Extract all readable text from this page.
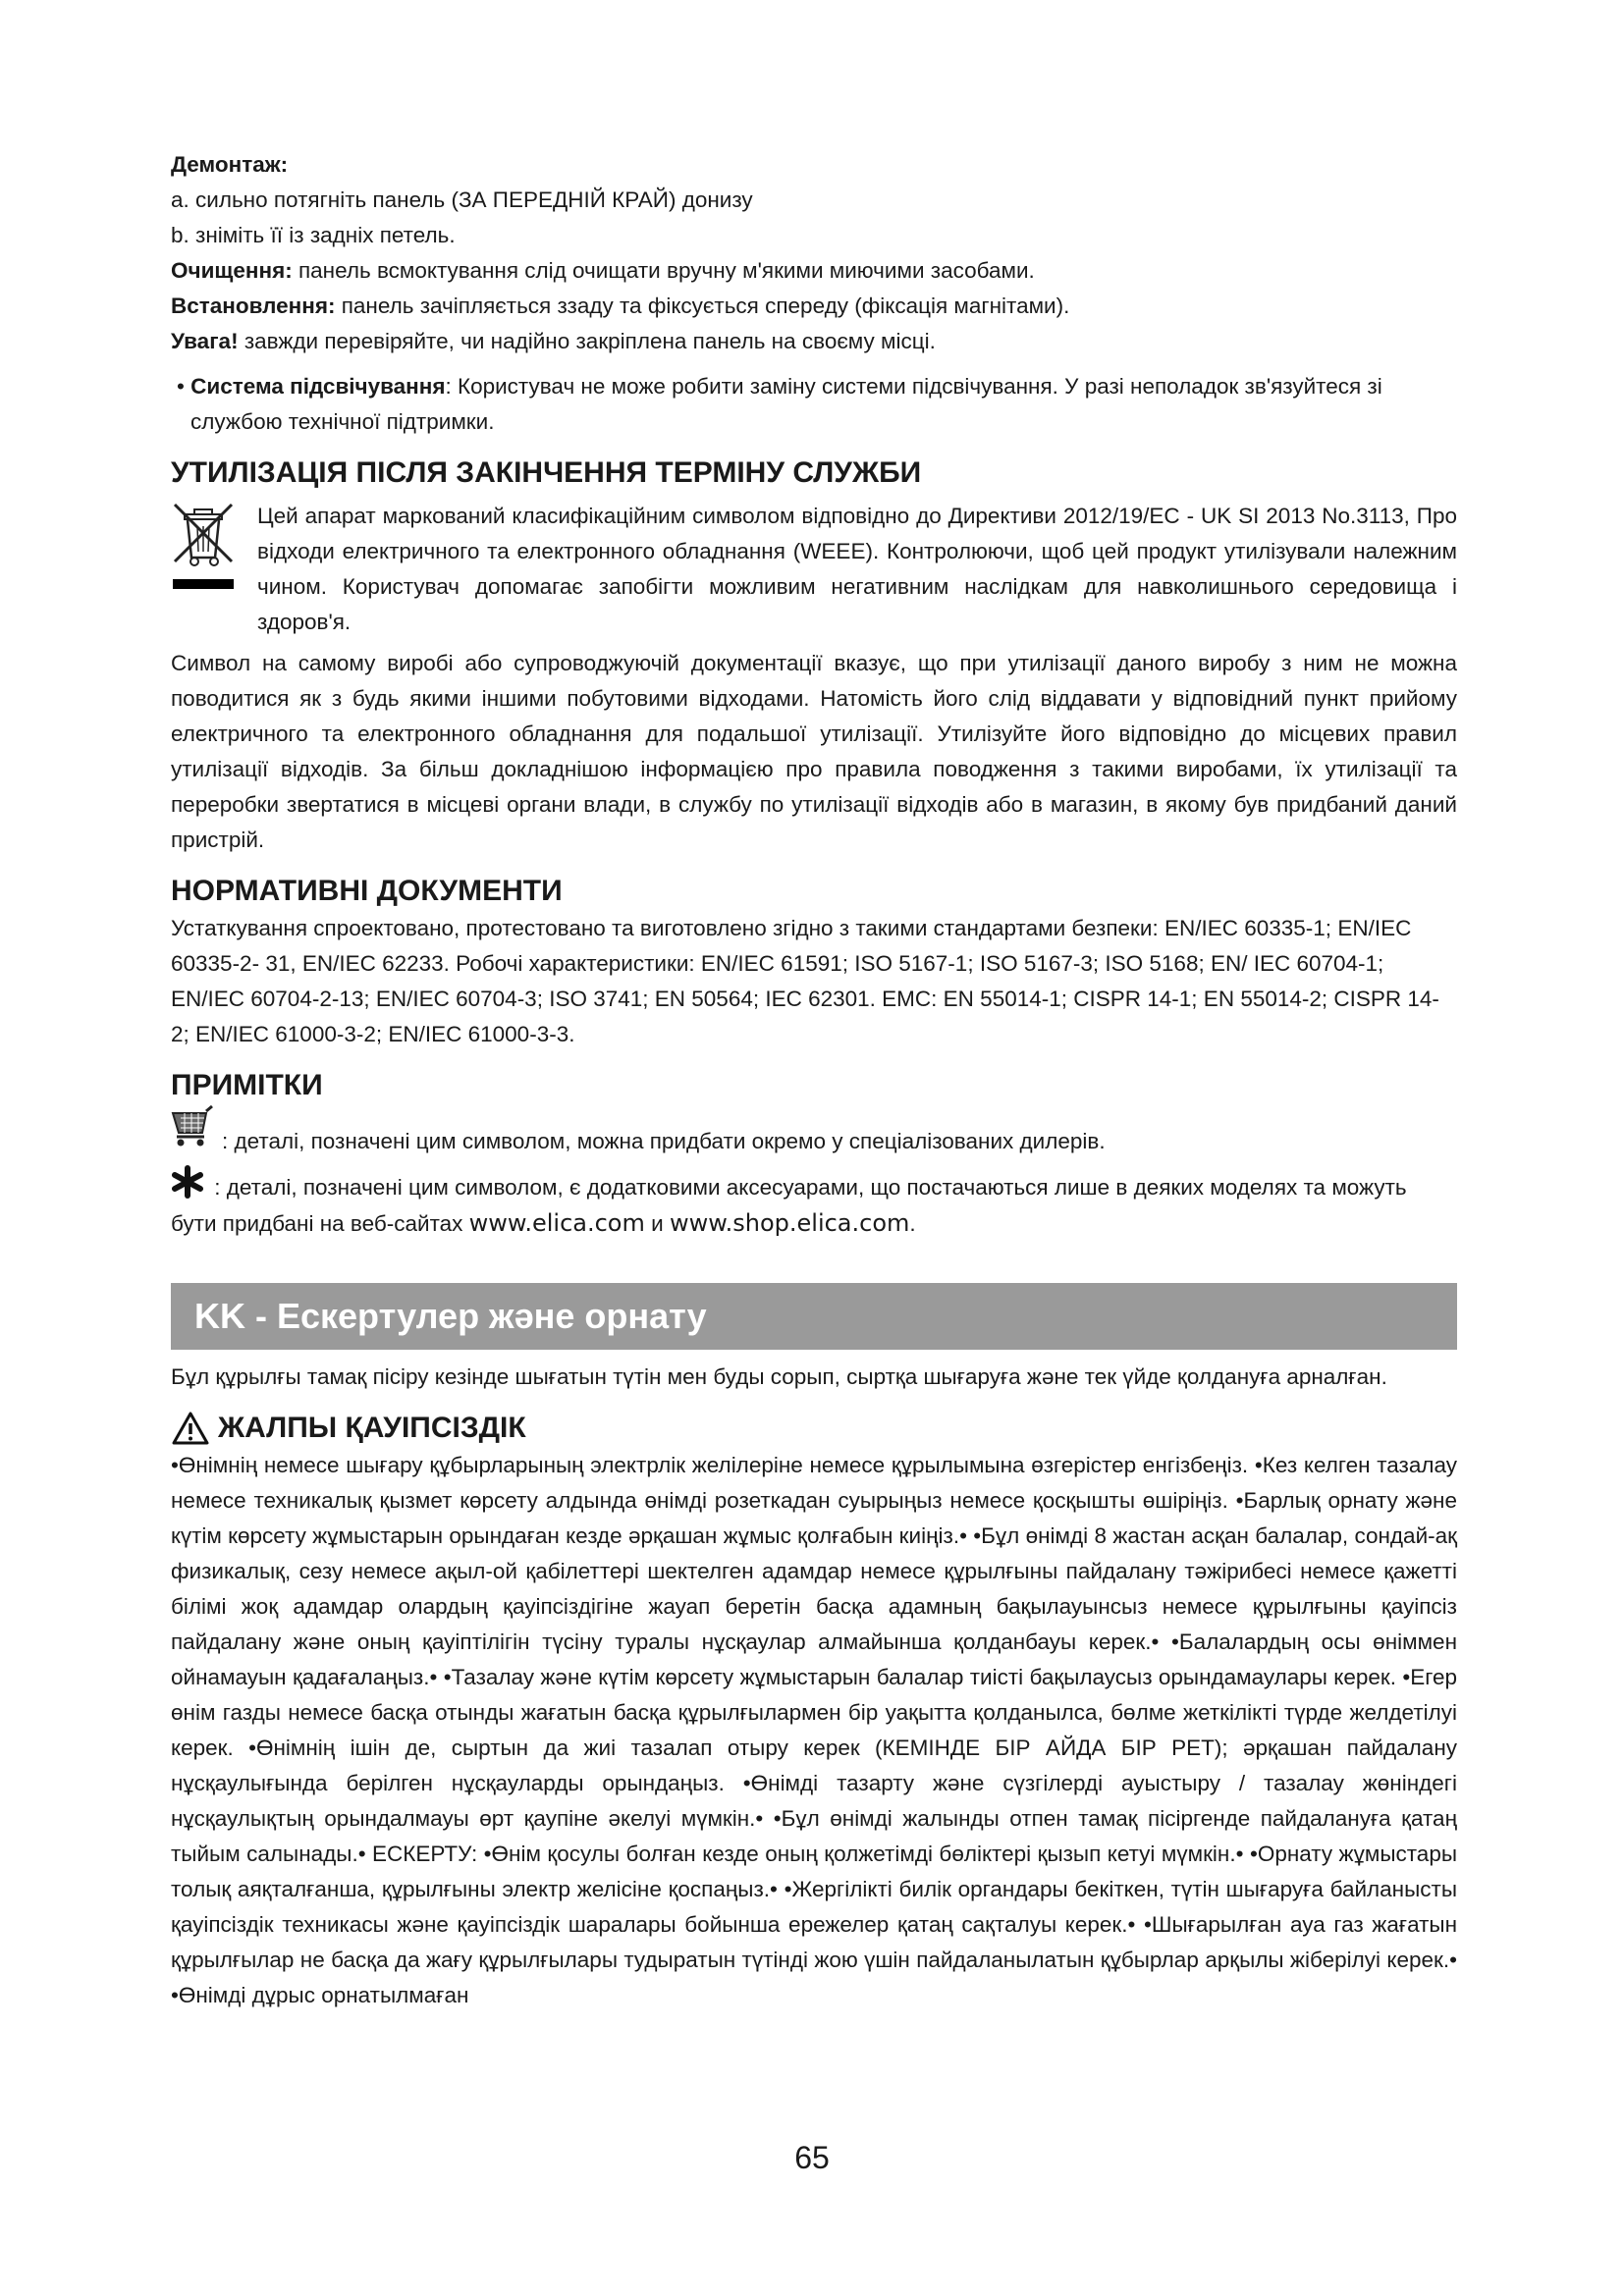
Демонтаж:

a. сильно потягніть панель (ЗА ПЕРЕДНІЙ КРАЙ) донизу

b. зніміть її із задніх петель.

Очищення: панель всмоктування слід очищати вручну м'якими миючими засобами.

Встановлення: панель зачіпляється ззаду та фіксується спереду (фіксація магнітами).

Увага! завжди перевіряйте, чи надійно закріплена панель на своєму місці.

• Система підсвічування: Користувач не може робити заміну системи підсвічування. У разі неполадок зв'язуйтеся зі службою технічної підтримки.

УТИЛІЗАЦІЯ ПІСЛЯ ЗАКІНЧЕННЯ ТЕРМІНУ СЛУЖБИ

Цей апарат маркований класифікаційним символом відповідно до Директиви 2012/19/EC - UK SI 2013 No.3113, Про відходи електричного та електронного обладнання (WEEE). Контролюючи, щоб цей продукт утилізували належним чином. Користувач допомагає запобігти можливим негативним наслідкам для навколишнього середовища і здоров'я.

Символ на самому виробі або супроводжуючій документації вказує, що при утилізації даного виробу з ним не можна поводитися як з будь якими іншими побутовими відходами. Натомість його слід віддавати у відповідний пункт прийому електричного та електронного обладнання для подальшої утилізації. Утилізуйте його відповідно до місцевих правил утилізації відходів. За більш докладнішою інформацією про правила поводження з такими виробами, їх утилізації та переробки звертатися в місцеві органи влади, в службу по утилізації відходів або в магазин, в якому був придбаний даний пристрій.

НОРМАТИВНІ ДОКУМЕНТИ

Устаткування спроектовано, протестовано та виготовлено згідно з такими стандартами безпеки: EN/IEC 60335-1; EN/IEC 60335-2- 31, EN/IEC 62233. Робочі характеристики: EN/IEC 61591; ISO 5167-1; ISO 5167-3; ISO 5168; EN/ IEC 60704-1; EN/IEC 60704-2-13; EN/IEC 60704-3; ISO 3741; EN 50564; IEC 62301. EMC: EN 55014-1; CISPR 14-1; EN 55014-2; CISPR 14-2; EN/IEC 61000-3-2; EN/IEC 61000-3-3.

ПРИМІТКИ
: деталі, позначені цим символом, можна придбати окремо у спеціалізованих дилерів.
: деталі, позначені цим символом, є додатковими аксесуарами, що постачаються лише в деяких моделях та можуть бути придбані на веб-сайтах www.elica.com и www.shop.elica.com.
KK - Ескертулер және орнату

Бұл құрылғы тамақ пісіру кезінде шығатын түтін мен буды сорып, сыртқа шығаруға және тек үйде қолдануға арналған.

ЖАЛПЫ ҚАУІПСІЗДІК

•Өнімнің немесе шығару құбырларының электрлік желілеріне немесе құрылымына өзгерістер енгізбеңіз. •Кез келген тазалау немесе техникалық қызмет көрсету алдында өнімді розеткадан суырыңыз немесе қосқышты өшіріңіз. •Барлық орнату және күтім көрсету жұмыстарын орындаған кезде әрқашан жұмыс қолғабын киіңіз.• •Бұл өнімді 8 жастан асқан балалар, сондай-ақ физикалық, сезу немесе ақыл-ой қабілеттері шектелген адамдар немесе құрылғыны пайдалану тәжірибесі немесе қажетті білімі жоқ адамдар олардың қауіпсіздігіне жауап беретін басқа адамның бақылауынсыз немесе құрылғыны қауіпсіз пайдалану және оның қауіптілігін түсіну туралы нұсқаулар алмайынша қолданбауы керек.• •Балалардың осы өніммен ойнамауын қадағалаңыз.• •Тазалау және күтім көрсету жұмыстарын балалар тиісті бақылаусыз орындамаулары керек. •Егер өнім газды немесе басқа отынды жағатын басқа құрылғылармен бір уақытта қолданылса, бөлме жеткілікті түрде желдетілуі керек. •Өнімнің ішін де, сыртын да жиі тазалап отыру керек (КЕМІНДЕ БІР АЙДА БІР РЕТ); әрқашан пайдалану нұсқаулығында берілген нұсқауларды орындаңыз. •Өнімді тазарту және сүзгілерді ауыстыру / тазалау жөніндегі нұсқаулықтың орындалмауы өрт қаупіне әкелуі мүмкін.• •Бұл өнімді жалынды отпен тамақ пісіргенде пайдалануға қатаң тыйым салынады.• ЕСКЕРТУ: •Өнім қосулы болған кезде оның қолжетімді бөліктері қызып кетуі мүмкін.• •Орнату жұмыстары толық аяқталғанша, құрылғыны электр желісіне қоспаңыз.• •Жергілікті билік органдары бекіткен, түтін шығаруға байланысты қауіпсіздік техникасы және қауіпсіздік шаралары бойынша ережелер қатаң сақталуы керек.• •Шығарылған ауа газ жағатын құрылғылар не басқа да жағу құрылғылары тудыратын түтінді жою үшін пайдаланылатын құбырлар арқылы жіберілуі керек.• •Өнімді дұрыс орнатылмаған

65
